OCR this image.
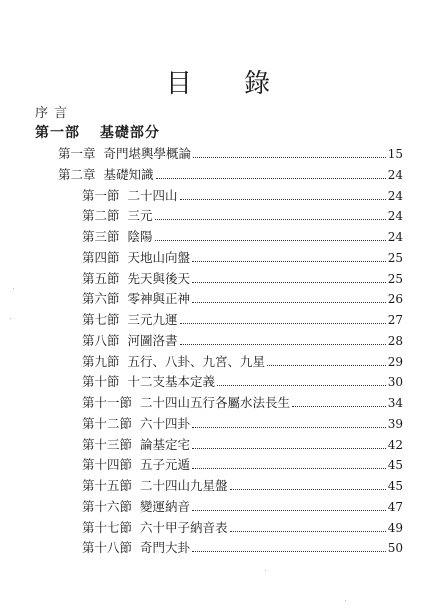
目 錄
序言
第一部 基礎部分
第一章 奇門堪輿學概論	15
第二章 基礎知識	24
第一節 二十四山	24
第二節 三元	24
第三節 陰陽	24
第四節 天地山向盤	25
第五節 先天與後天	25
第六節 零神與正神	26
第七節 三元九運	27
第八節 河圖洛書	28
第九節 五行、八卦、九宮、九星	29
第十節 十二支基本定義	30
第十一節 二十四山五行各屬水法長生	34
第十二節 六十四卦	39
第十三節 論基定宅	42
第十四節 五子元遁	45
第十五節 二十四山九星盤	45
第十六節 變運納音	47
第十七節 六十甲子納音表	49
第十八節 奇門大卦	50
